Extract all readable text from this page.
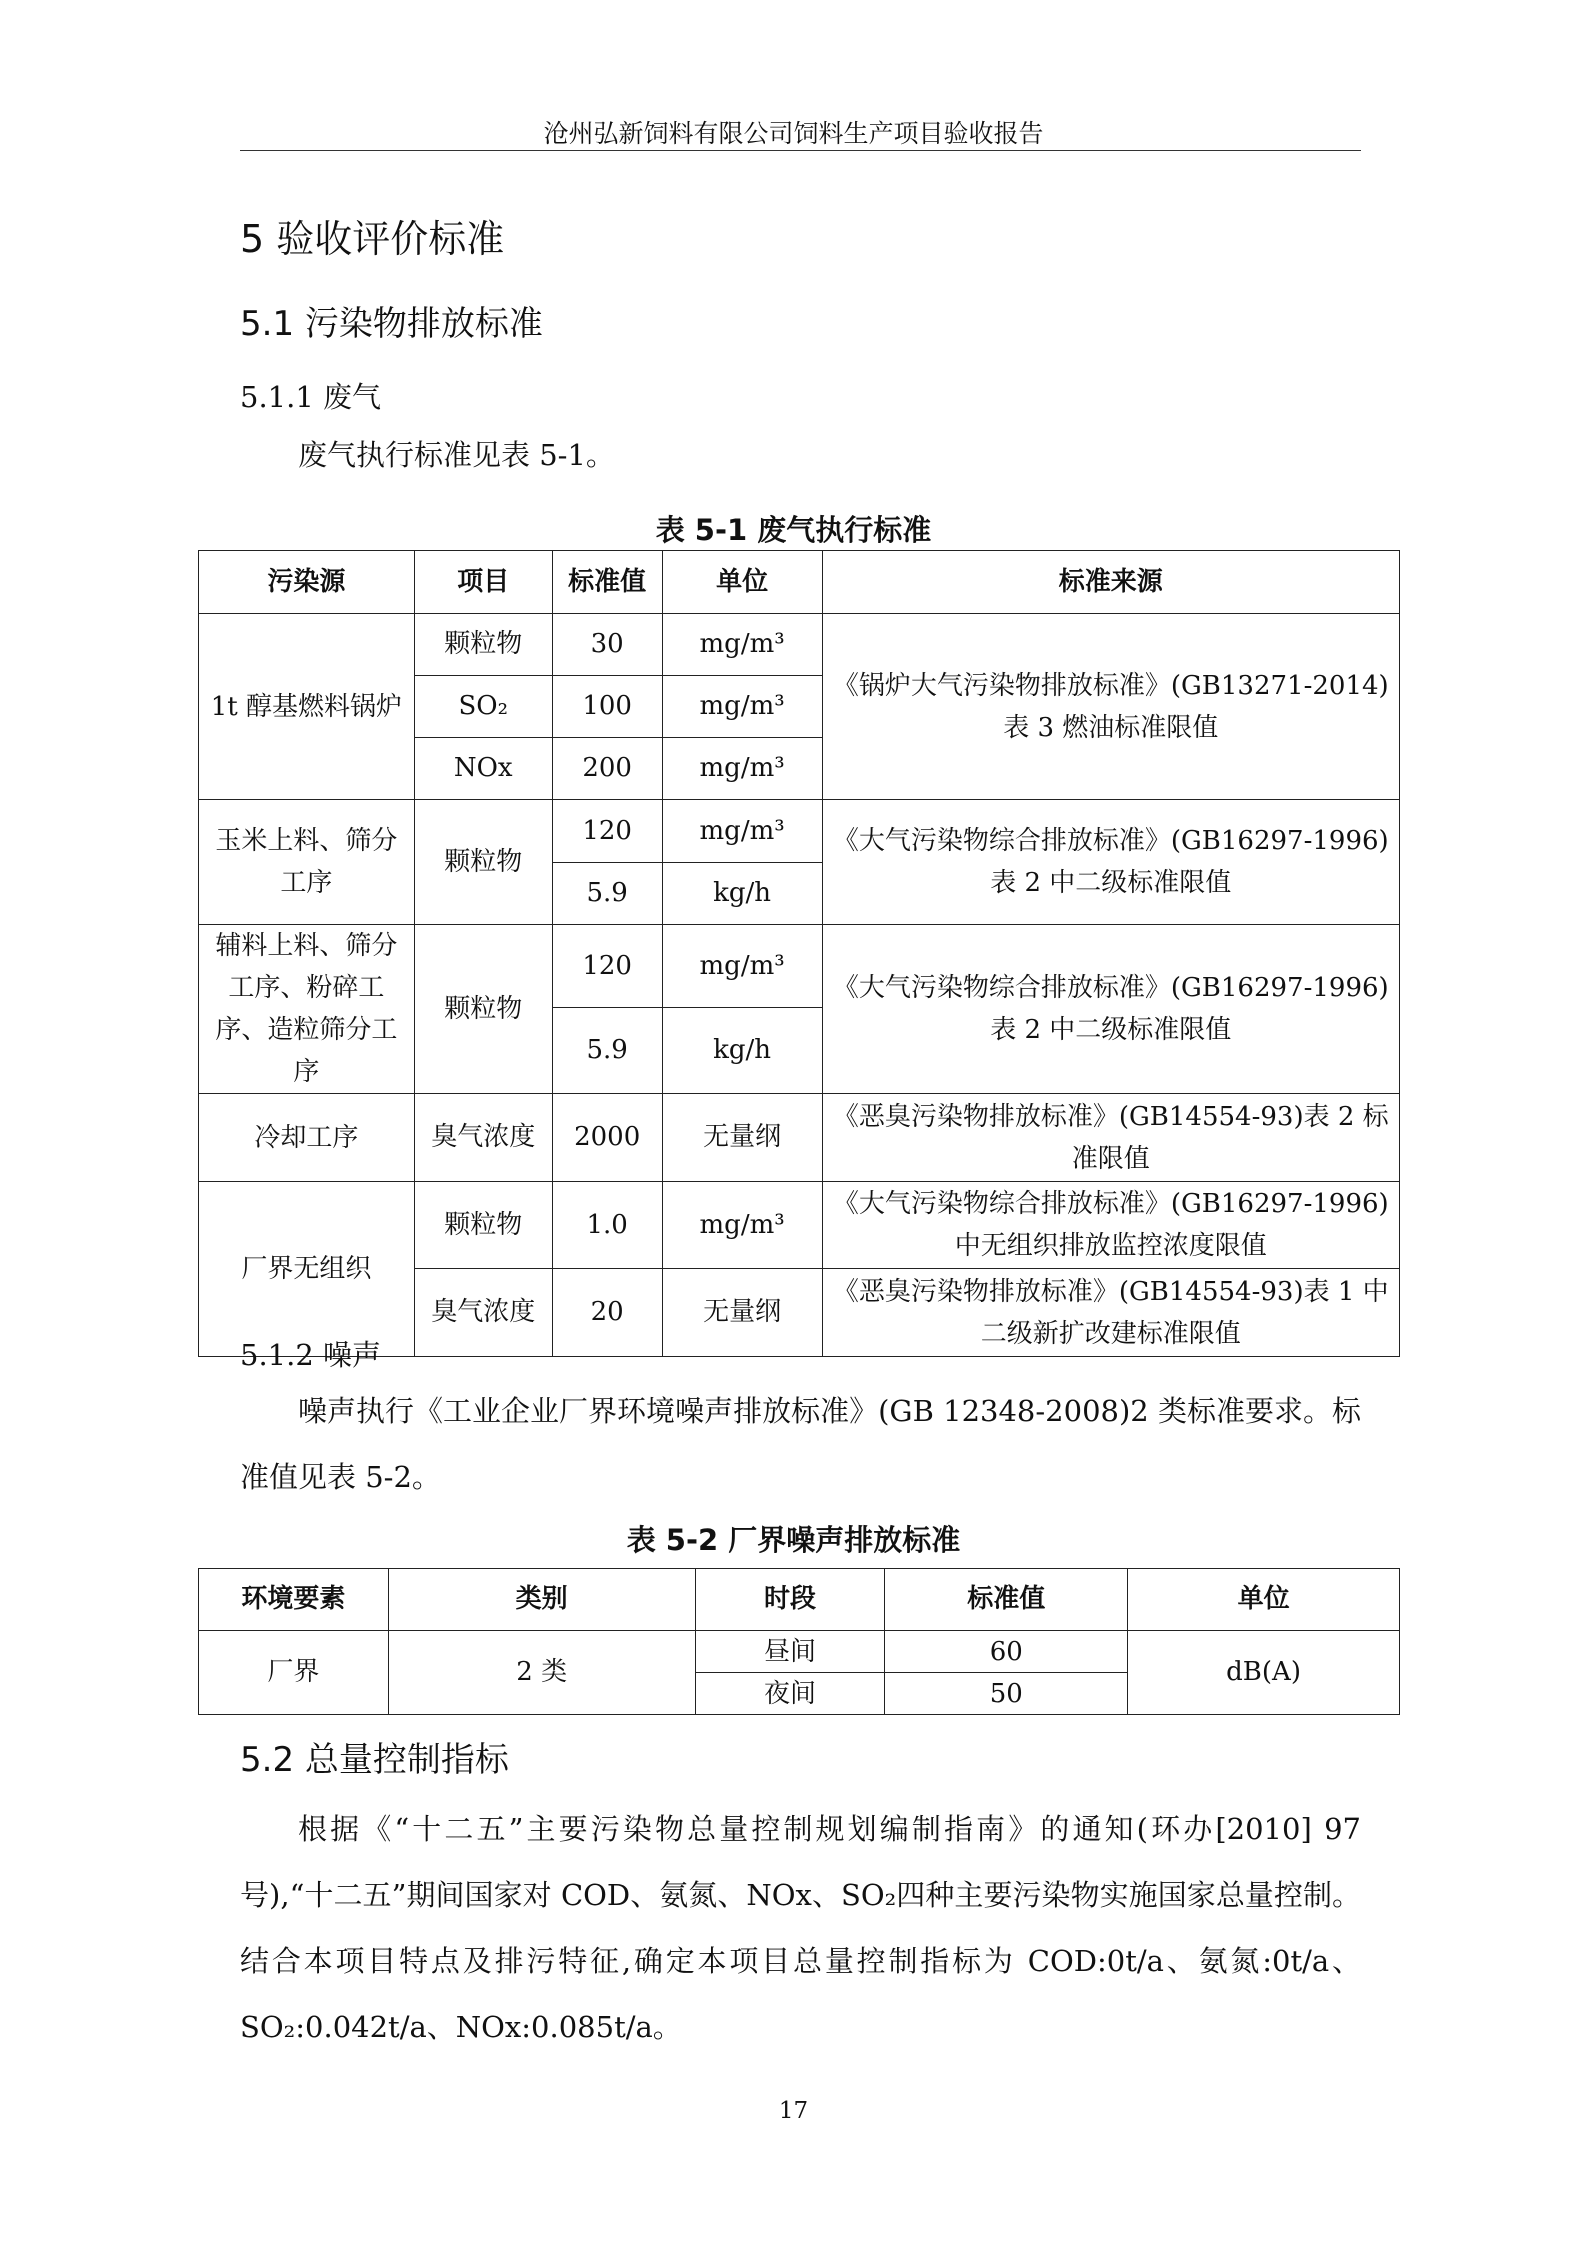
沧州弘新饲料有限公司饲料生产项目验收报告
5 验收评价标准
5.1 污染物排放标准
5.1.1 废气
废气执行标准见表 5-1。
表 5-1 废气执行标准
污染源	项目	标准值	单位	标准来源
1t 醇基燃料锅炉	颗粒物	30	mg/m³	《锅炉大气污染物排放标准》(GB13271-2014)表 3 燃油标准限值
	SO₂	100	mg/m³	
	NOx	200	mg/m³	
玉米上料、筛分工序	颗粒物	120	mg/m³	《大气污染物综合排放标准》(GB16297-1996)表 2 中二级标准限值
		5.9	kg/h	
辅料上料、筛分工序、粉碎工序、造粒筛分工序	颗粒物	120	mg/m³	《大气污染物综合排放标准》(GB16297-1996)表 2 中二级标准限值
		5.9	kg/h	
冷却工序	臭气浓度	2000	无量纲	《恶臭污染物排放标准》(GB14554-93)表 2 标准限值
厂界无组织	颗粒物	1.0	mg/m³	《大气污染物综合排放标准》(GB16297-1996)中无组织排放监控浓度限值
	臭气浓度	20	无量纲	《恶臭污染物排放标准》(GB14554-93)表 1 中二级新扩改建标准限值
5.1.2 噪声
噪声执行《工业企业厂界环境噪声排放标准》(GB 12348-2008)2 类标准要求。标准值见表 5-2。
表 5-2 厂界噪声排放标准
环境要素	类别	时段	标准值	单位
厂界	2 类	昼间	60	dB(A)
		夜间	50	
5.2 总量控制指标
根据《“十二五”主要污染物总量控制规划编制指南》的通知(环办[2010] 97 号),“十二五”期间国家对 COD、氨氮、NOx、SO₂四种主要污染物实施国家总量控制。结合本项目特点及排污特征,确定本项目总量控制指标为 COD:0t/a、氨氮:0t/a、SO₂:0.042t/a、NOx:0.085t/a。
17
